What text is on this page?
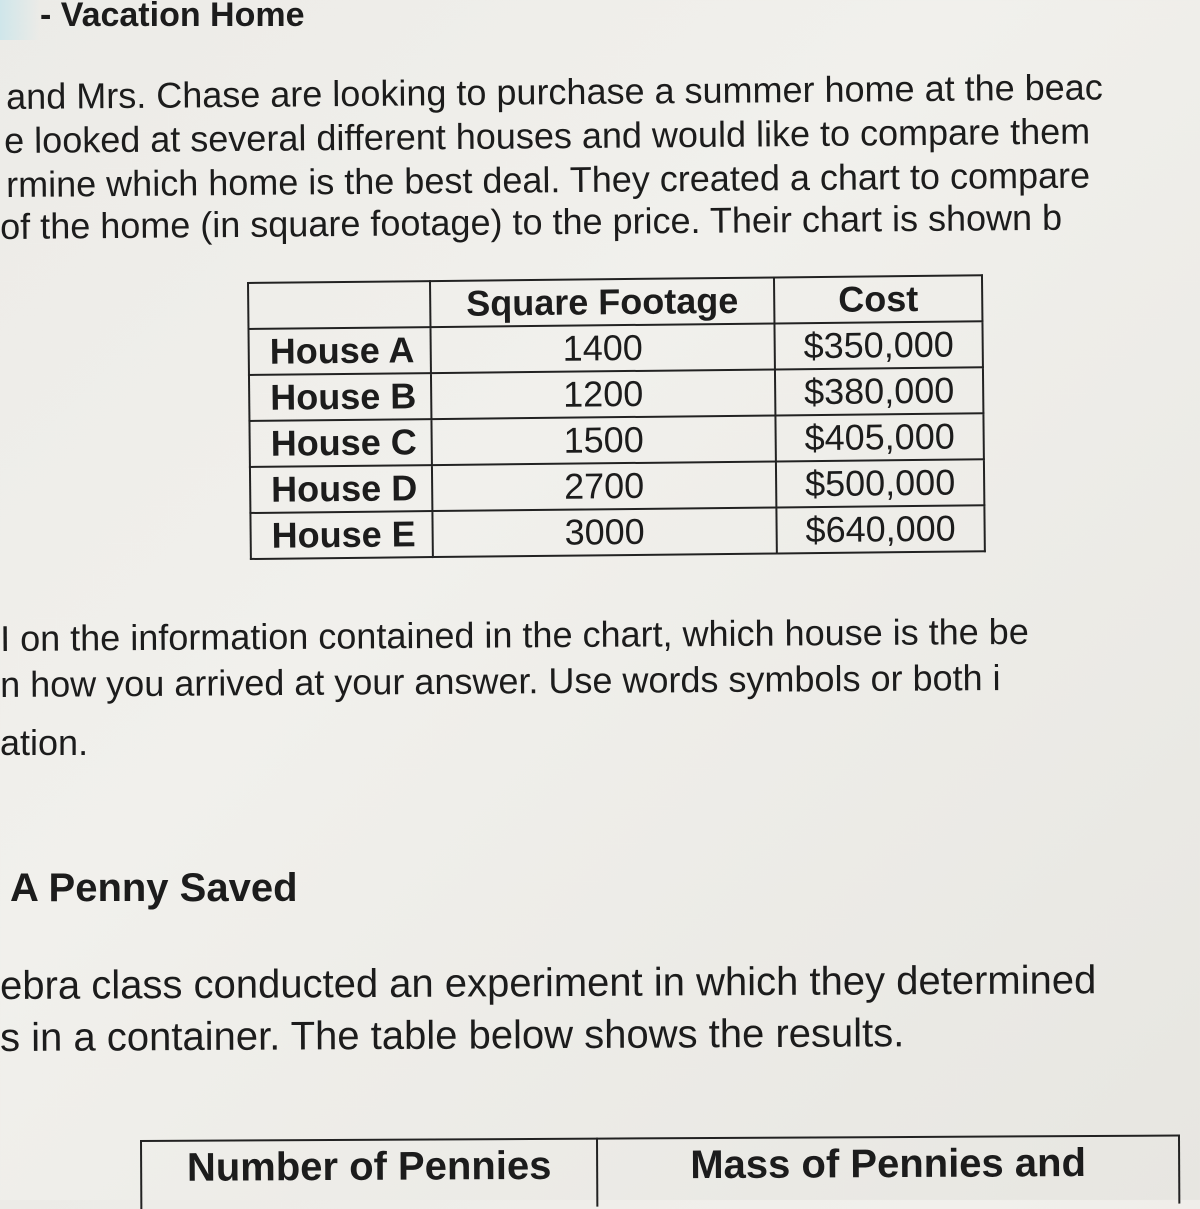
- Vacation Home
and Mrs. Chase are looking to purchase a summer home at the beac
e looked at several different houses and would like to compare them
rmine which home is the best deal. They created a chart to compare
of the home (in square footage) to the price. Their chart is shown b
	Square Footage	Cost
House A	1400	$350,000
House B	1200	$380,000
House C	1500	$405,000
House D	2700	$500,000
House E	3000	$640,000
I on the information contained in the chart, which house is the be
n how you arrived at your answer. Use words symbols or both i
ation.
A Penny Saved
ebra class conducted an experiment in which they determined
s in a container. The table below shows the results.
Number of Pennies	Mass of Pennies and
